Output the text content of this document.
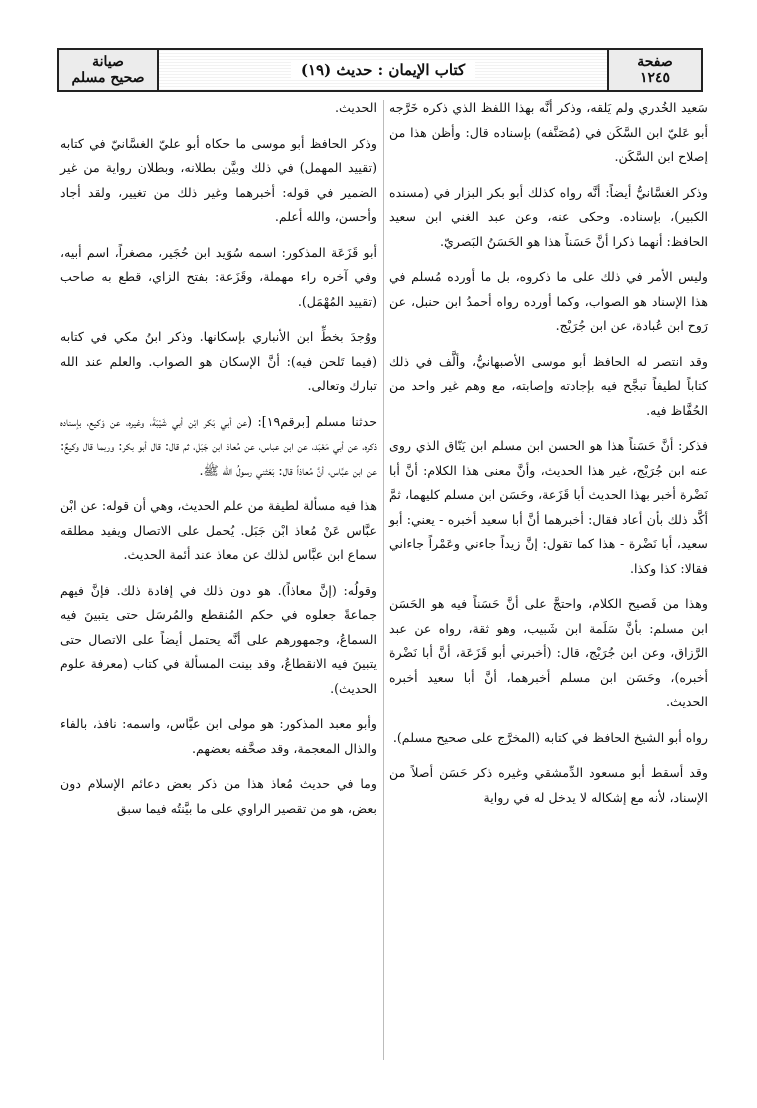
صفحة
١٢٤٥
كتاب الإيمان : حديث (١٩)
صيانة
صحيح مسلم

سَعيد الخُدري ولم يَلقه، وذكر أنَّه بهذا اللفظ الذي ذكره خَرَّجه أبو عَليّ ابن السَّكَن في (مُصَنَّفه) بإسناده قال: وأظن هذا من إصلاح ابن السَّكَن.

وذكر الغسَّانيُّ أيضاً: أنَّه رواه كذلك أبو بكر البزار في (مسنده الكبير)، بإسناده. وحكى عنه، وعن عبد الغني ابن سعيد الحافظ: أنهما ذكرا أنَّ حَسَناً هذا هو الحَسَنُ البَصريّ.

وليس الأمر في ذلك على ما ذكروه، بل ما أورده مُسلم في هذا الإسناد هو الصواب، وكما أورده رواه أحمدُ ابن حنبل، عن رَوح ابن عُبادة، عن ابن جُرَيْج.

وقد انتصر له الحافظ أبو موسى الأصبهانيُّ، وألَّف في ذلك كتاباً لطيفاً تبجَّح فيه بإجادته وإصابته، مع وهم غير واحد من الحُفَّاظ فيه.

فذكر: أنَّ حَسَناً هذا هو الحسن ابن مسلم ابن يَنّاق الذي روى عنه ابن جُرَيْج، غير هذا الحديث، وأنَّ معنى هذا الكلام: أنَّ أبا نَضْرة أخبر بهذا الحديث أبا قَزَعة، وحَسَن ابن مسلم كليهما، ثمَّ أكَّد ذلك بأن أعاد فقال: أخبرهما أنَّ أبا سعيد أخبره - يعني: أبو سعيد، أبا نَضْرة - هذا كما تقول: إنَّ زيداً جاءني وعَمْراً جاءاني فقالا: كذا وكذا.

وهذا من فَصيح الكلام، واحتجَّ على أنَّ حَسَناً فيه هو الحَسَن ابن مسلم: بأنَّ سَلَمة ابن شَبيب، وهو ثقة، رواه عن عبد الرَّزاق، وعن ابن جُرَيْج، قال: (أخبرني أبو قَزَعَة، أنَّ أبا نَضْرة أخبره)، وحَسَن ابن مسلم أخبرهما، أنَّ أبا سعيد أخبره الحديث.

رواه أبو الشيخ الحافظ في كتابه (المخرَّج على صحيح مسلم).

وقد أسقط أبو مسعود الدِّمشقي وغيره ذكر حَسَن أصلاً من الإسناد، لأنه مع إشكاله لا يدخل له في رواية

الحديث.

وذكر الحافظ أبو موسى ما حكاه أبو عليّ الغسَّانيّ في كتابه (تقييد المهمل) في ذلك وبيَّن بطلانه، وبطلان رواية من غير الضمير في قوله: أخبرهما وغير ذلك من تغيير، ولقد أجاد وأحسن، والله أعلم.

أبو قَزَعَة المذكور: اسمه سُوَيد ابن حُجَير، مصغراً، اسم أبيه، وفي آخره راء مهملة، وقَزَعة: بفتح الزاي، قطع به صاحب (تقييد المُهْمَل).

ووُجدَ بخطِّ ابن الأنباري بإسكانها. وذكر ابنُ مكي في كتابه (فيما تَلحن فيه): أنَّ الإسكان هو الصواب. والعلم عند الله تبارك وتعالى.

حدثنا مسلم [برقم١٩]: (عن أبي بَكر ابْن أبي شَيْبَةَ، وغيره، عن وَكيع، بإسناده ذكره، عن أبي مَعْبَد، عن ابن عباس، عن مُعاذ ابن جَبَل، ثم قال: قال أبو بكر: وربما قال وكيعٌ: عن ابن عبَّاس، أنَّ مُعاذاً قال: بَعَثني رسولُ الله ﷺ.

هذا فيه مسألة لطيفة من علم الحديث، وهي أن قوله: عن ابْن عبَّاس عَنْ مُعاذ ابْن جَبَل. يُحمل على الاتصال ويفيد مطلقه سماع ابن عبَّاس لذلك عن معاذ عند أئمة الحديث.

وقولُه: (إنَّ معاذاً). هو دون ذلك في إفادة ذلك. فإنَّ فيهم جماعةً جعلوه في حكم المُنقطع والمُرسَل حتى يتبينَ فيه السماعُ، وجمهورهم على أنَّه يحتمل أيضاً على الاتصال حتى يتبينَ فيه الانقطاعُ، وقد بينت المسألة في كتاب (معرفة علوم الحديث).

وأبو معبد المذكور: هو مولى ابن عبَّاس، واسمه: نافذ، بالفاء والذال المعجمة، وقد صحَّفه بعضهم.

وما في حديث مُعاذ هذا من ذكر بعض دعائم الإسلام دون بعض، هو من تقصير الراوي على ما بيَّنتُه فيما سبق
